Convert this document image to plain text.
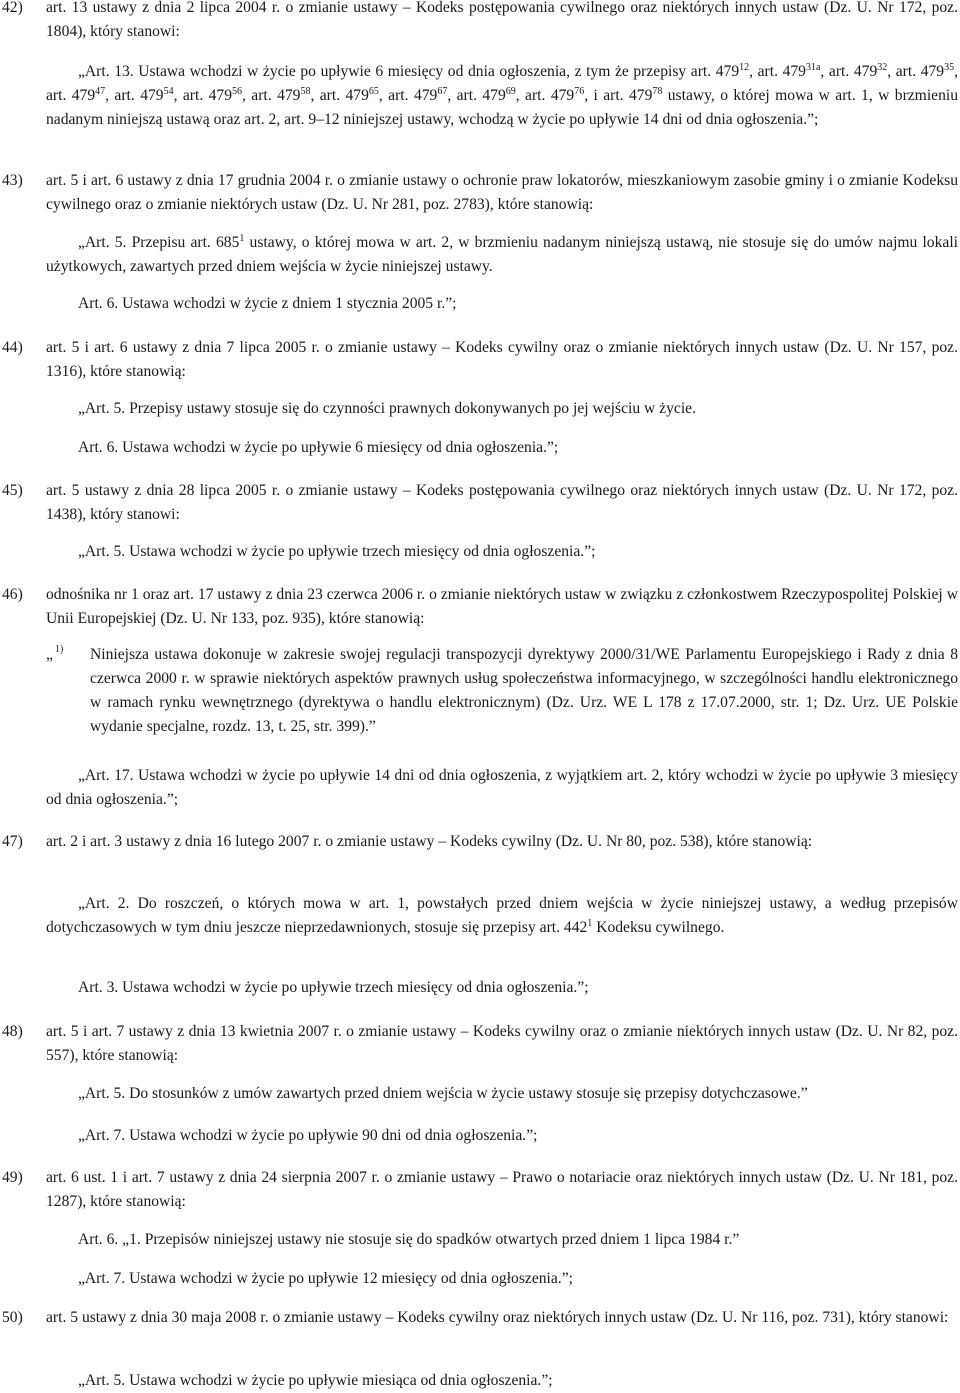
42) art. 13 ustawy z dnia 2 lipca 2004 r. o zmianie ustawy – Kodeks postępowania cywilnego oraz niektórych innych ustaw (Dz. U. Nr 172, poz. 1804), który stanowi:
„Art. 13. Ustawa wchodzi w życie po upływie 6 miesięcy od dnia ogłoszenia, z tym że przepisy art. $479^{12}$, art. $479^{31a}$, art. $479^{32}$, art. $479^{35}$, art. $479^{47}$, art. $479^{54}$, art. $479^{56}$, art. $479^{58}$, art. $479^{65}$, art. $479^{67}$, art. $479^{69}$, art. $479^{76}$, i art. $479^{78}$ ustawy, o której mowa w art. 1, w brzmieniu nadanym niniejszą ustawą oraz art. 2, art. 9–12 niniejszej ustawy, wchodzą w życie po upływie 14 dni od dnia ogłoszenia.”;
43) art. 5 i art. 6 ustawy z dnia 17 grudnia 2004 r. o zmianie ustawy o ochronie praw lokatorów, mieszkaniowym zasobie gminy i o zmianie Kodeksu cywilnego oraz o zmianie niektórych ustaw (Dz. U. Nr 281, poz. 2783), które stanowią:
„Art. 5. Przepisu art. $685^1$ ustawy, o której mowa w art. 2, w brzmieniu nadanym niniejszą ustawą, nie stosuje się do umów najmu lokali użytkowych, zawartych przed dniem wejścia w życie niniejszej ustawy.
Art. 6. Ustawa wchodzi w życie z dniem 1 stycznia 2005 r.”;
44) art. 5 i art. 6 ustawy z dnia 7 lipca 2005 r. o zmianie ustawy – Kodeks cywilny oraz o zmianie niektórych innych ustaw (Dz. U. Nr 157, poz. 1316), które stanowią:
„Art. 5. Przepisy ustawy stosuje się do czynności prawnych dokonywanych po jej wejściu w życie.
Art. 6. Ustawa wchodzi w życie po upływie 6 miesięcy od dnia ogłoszenia.”;
45) art. 5 ustawy z dnia 28 lipca 2005 r. o zmianie ustawy – Kodeks postępowania cywilnego oraz niektórych innych ustaw (Dz. U. Nr 172, poz. 1438), który stanowi:
„Art. 5. Ustawa wchodzi w życie po upływie trzech miesięcy od dnia ogłoszenia.”;
46) odnośnika nr 1 oraz art. 17 ustawy z dnia 23 czerwca 2006 r. o zmianie niektórych ustaw w związku z członkostwem Rzeczypospolitej Polskiej w Unii Europejskiej (Dz. U. Nr 133, poz. 935), które stanowią:
„ 1) Niniejsza ustawa dokonuje w zakresie swojej regulacji transpozycji dyrektywy 2000/31/WE Parlamentu Europejskiego i Rady z dnia 8 czerwca 2000 r. w sprawie niektórych aspektów prawnych usług społeczeństwa informacyjnego, w szczególności handlu elektronicznego w ramach rynku wewnętrznego (dyrektywa o handlu elektronicznym) (Dz. Urz. WE L 178 z 17.07.2000, str. 1; Dz. Urz. UE Polskie wydanie specjalne, rozdz. 13, t. 25, str. 399).”
„Art. 17. Ustawa wchodzi w życie po upływie 14 dni od dnia ogłoszenia, z wyjątkiem art. 2, który wchodzi w życie po upływie 3 miesięcy od dnia ogłoszenia.”;
47) art. 2 i art. 3 ustawy z dnia 16 lutego 2007 r. o zmianie ustawy – Kodeks cywilny (Dz. U. Nr 80, poz. 538), które stanowią:
„Art. 2. Do roszczeń, o których mowa w art. 1, powstałych przed dniem wejścia w życie niniejszej ustawy, a według przepisów dotychczasowych w tym dniu jeszcze nieprzedawnionych, stosuje się przepisy art. $442^1$ Kodeksu cywilnego.
Art. 3. Ustawa wchodzi w życie po upływie trzech miesięcy od dnia ogłoszenia.”;
48) art. 5 i art. 7 ustawy z dnia 13 kwietnia 2007 r. o zmianie ustawy – Kodeks cywilny oraz o zmianie niektórych innych ustaw (Dz. U. Nr 82, poz. 557), które stanowią:
„Art. 5. Do stosunków z umów zawartych przed dniem wejścia w życie ustawy stosuje się przepisy dotychczasowe.”
„Art. 7. Ustawa wchodzi w życie po upływie 90 dni od dnia ogłoszenia.”;
49) art. 6 ust. 1 i art. 7 ustawy z dnia 24 sierpnia 2007 r. o zmianie ustawy – Prawo o notariacie oraz niektórych innych ustaw (Dz. U. Nr 181, poz. 1287), które stanowią:
Art. 6. „1. Przepisów niniejszej ustawy nie stosuje się do spadków otwartych przed dniem 1 lipca 1984 r.”
„Art. 7. Ustawa wchodzi w życie po upływie 12 miesięcy od dnia ogłoszenia.”;
50) art. 5 ustawy z dnia 30 maja 2008 r. o zmianie ustawy – Kodeks cywilny oraz niektórych innych ustaw (Dz. U. Nr 116, poz. 731), który stanowi:
„Art. 5. Ustawa wchodzi w życie po upływie miesiąca od dnia ogłoszenia.”;
